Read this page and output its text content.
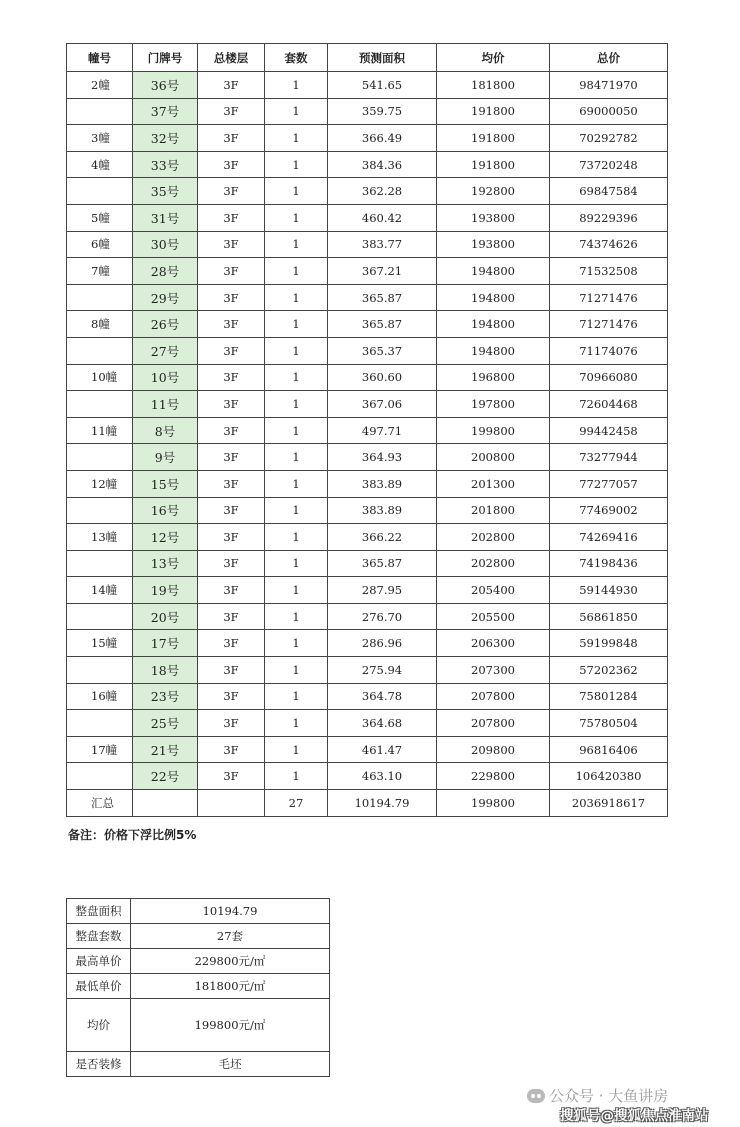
幢号	门牌号	总楼层	套数	预测面积	均价	总价
2幢	36号	3F	1	541.65	181800	98471970
	37号	3F	1	359.75	191800	69000050
3幢	32号	3F	1	366.49	191800	70292782
4幢	33号	3F	1	384.36	191800	73720248
	35号	3F	1	362.28	192800	69847584
5幢	31号	3F	1	460.42	193800	89229396
6幢	30号	3F	1	383.77	193800	74374626
7幢	28号	3F	1	367.21	194800	71532508
	29号	3F	1	365.87	194800	71271476
8幢	26号	3F	1	365.87	194800	71271476
	27号	3F	1	365.37	194800	71174076
10幢	10号	3F	1	360.60	196800	70966080
	11号	3F	1	367.06	197800	72604468
11幢	8号	3F	1	497.71	199800	99442458
	9号	3F	1	364.93	200800	73277944
12幢	15号	3F	1	383.89	201300	77277057
	16号	3F	1	383.89	201800	77469002
13幢	12号	3F	1	366.22	202800	74269416
	13号	3F	1	365.87	202800	74198436
14幢	19号	3F	1	287.95	205400	59144930
	20号	3F	1	276.70	205500	56861850
15幢	17号	3F	1	286.96	206300	59199848
	18号	3F	1	275.94	207300	57202362
16幢	23号	3F	1	364.78	207800	75801284
	25号	3F	1	364.68	207800	75780504
17幢	21号	3F	1	461.47	209800	96816406
	22号	3F	1	463.10	229800	106420380
汇总			27	10194.79	199800	2036918617
备注：价格下浮比例5%
整盘面积	10194.79
整盘套数	27套
最高单价	229800元/㎡
最低单价	181800元/㎡
均价	199800元/㎡
是否装修	毛坯
公众号 · 大鱼讲房
搜狐号@搜狐焦点淮南站
